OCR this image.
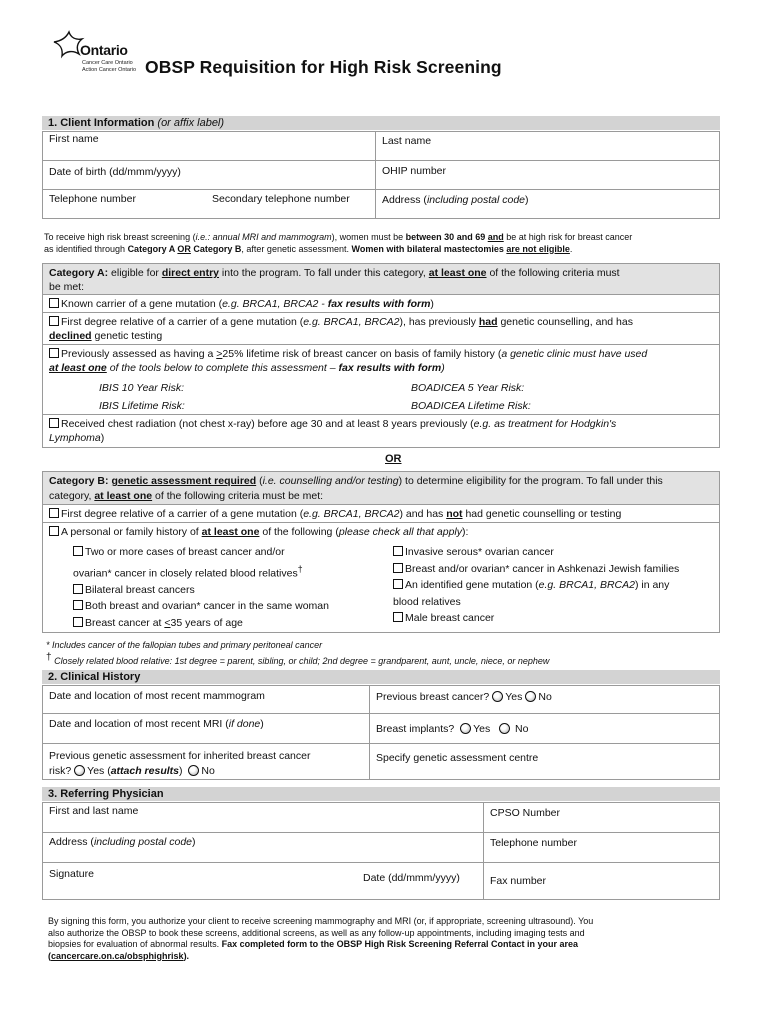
Ontario
Cancer Care Ontario
Action Cancer Ontario OBSP Requisition for High Risk Screening
1. Client Information (or affix label)
First name	Last name
Date of birth (dd/mmm/yyyy)	OHIP number
Telephone number	Secondary telephone number	Address (including postal code)
To receive high risk breast screening (i.e.: annual MRI and mammogram), women must be between 30 and 69 and be at high risk for breast cancer
as identified through Category A OR Category B, after genetic assessment. Women with bilateral mastectomies are not eligible.
Category A: eligible for direct entry into the program. To fall under this category, at least one of the following criteria must
be met:
Known carrier of a gene mutation (e.g. BRCA1, BRCA2 - fax results with form)
First degree relative of a carrier of a gene mutation (e.g. BRCA1, BRCA2), has previously had genetic counselling, and has
declined genetic testing
Previously assessed as having a >25% lifetime risk of breast cancer on basis of family history (a genetic clinic must have used
at least one of the tools below to complete this assessment – fax results with form)
IBIS 10 Year Risk:	BOADICEA 5 Year Risk:
IBIS Lifetime Risk:	BOADICEA Lifetime Risk:
Received chest radiation (not chest x-ray) before age 30 and at least 8 years previously (e.g. as treatment for Hodgkin's
Lymphoma)
OR
Category B: genetic assessment required (i.e. counselling and/or testing) to determine eligibility for the program. To fall under this
category, at least one of the following criteria must be met:
First degree relative of a carrier of a gene mutation (e.g. BRCA1, BRCA2) and has not had genetic counselling or testing
A personal or family history of at least one of the following (please check all that apply):
Two or more cases of breast cancer and/or
ovarian* cancer in closely related blood relatives†
Bilateral breast cancers
Both breast and ovarian* cancer in the same woman
Breast cancer at <35 years of age
Invasive serous* ovarian cancer
Breast and/or ovarian* cancer in Ashkenazi Jewish families
An identified gene mutation (e.g. BRCA1, BRCA2) in any
blood relatives
Male breast cancer
* Includes cancer of the fallopian tubes and primary peritoneal cancer
† Closely related blood relative: 1st degree = parent, sibling, or child; 2nd degree = grandparent, aunt, uncle, niece, or nephew
2. Clinical History
Date and location of most recent mammogram	Previous breast cancer? Yes No
Date and location of most recent MRI (if done)	Breast implants? Yes No
Previous genetic assessment for inherited breast cancer
risk? Yes (attach results) No
Specify genetic assessment centre
3. Referring Physician
First and last name	CPSO Number
Address (including postal code)	Telephone number
Signature	Date (dd/mmm/yyyy)	Fax number
By signing this form, you authorize your client to receive screening mammography and MRI (or, if appropriate, screening ultrasound). You
also authorize the OBSP to book these screens, additional screens, as well as any follow-up appointments, including imaging tests and
biopsies for evaluation of abnormal results. Fax completed form to the OBSP High Risk Screening Referral Contact in your area
(cancercare.on.ca/obsphighrisk).
